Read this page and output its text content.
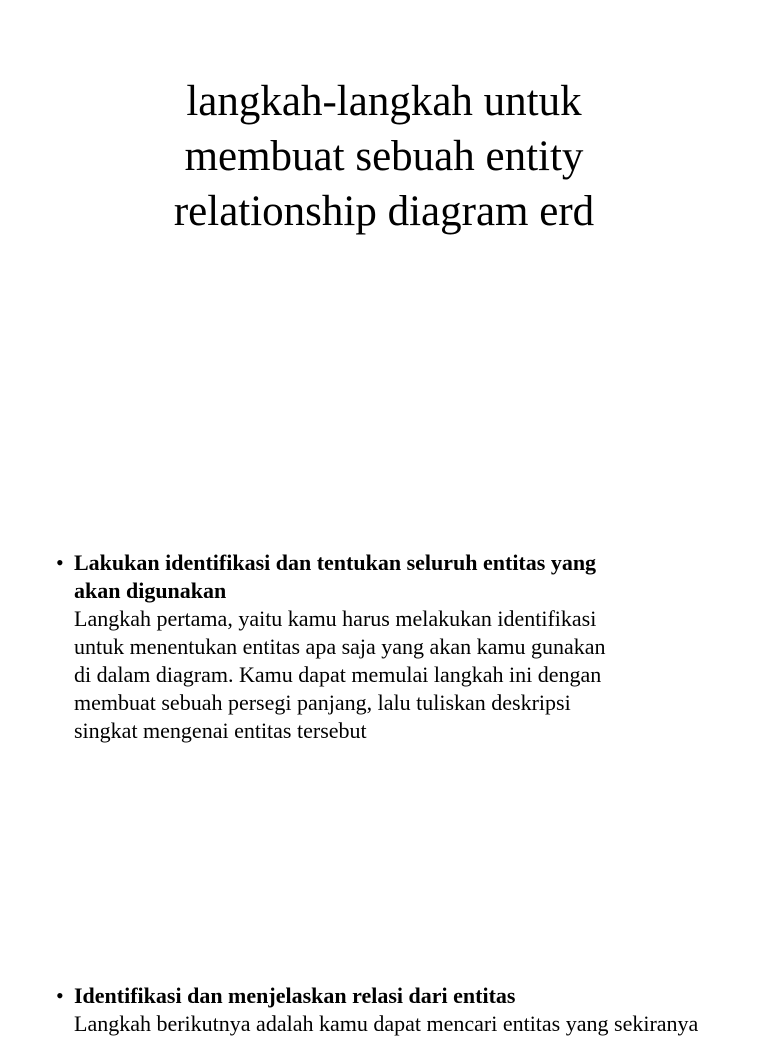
langkah-langkah untuk
membuat sebuah entity
relationship diagram erd
• Lakukan identifikasi dan tentukan seluruh entitas yang
akan digunakan
Langkah pertama, yaitu kamu harus melakukan identifikasi
untuk menentukan entitas apa saja yang akan kamu gunakan
di dalam diagram. Kamu dapat memulai langkah ini dengan
membuat sebuah persegi panjang, lalu tuliskan deskripsi
singkat mengenai entitas tersebut
• Identifikasi dan menjelaskan relasi dari entitas
Langkah berikutnya adalah kamu dapat mencari entitas yang sekiranya
